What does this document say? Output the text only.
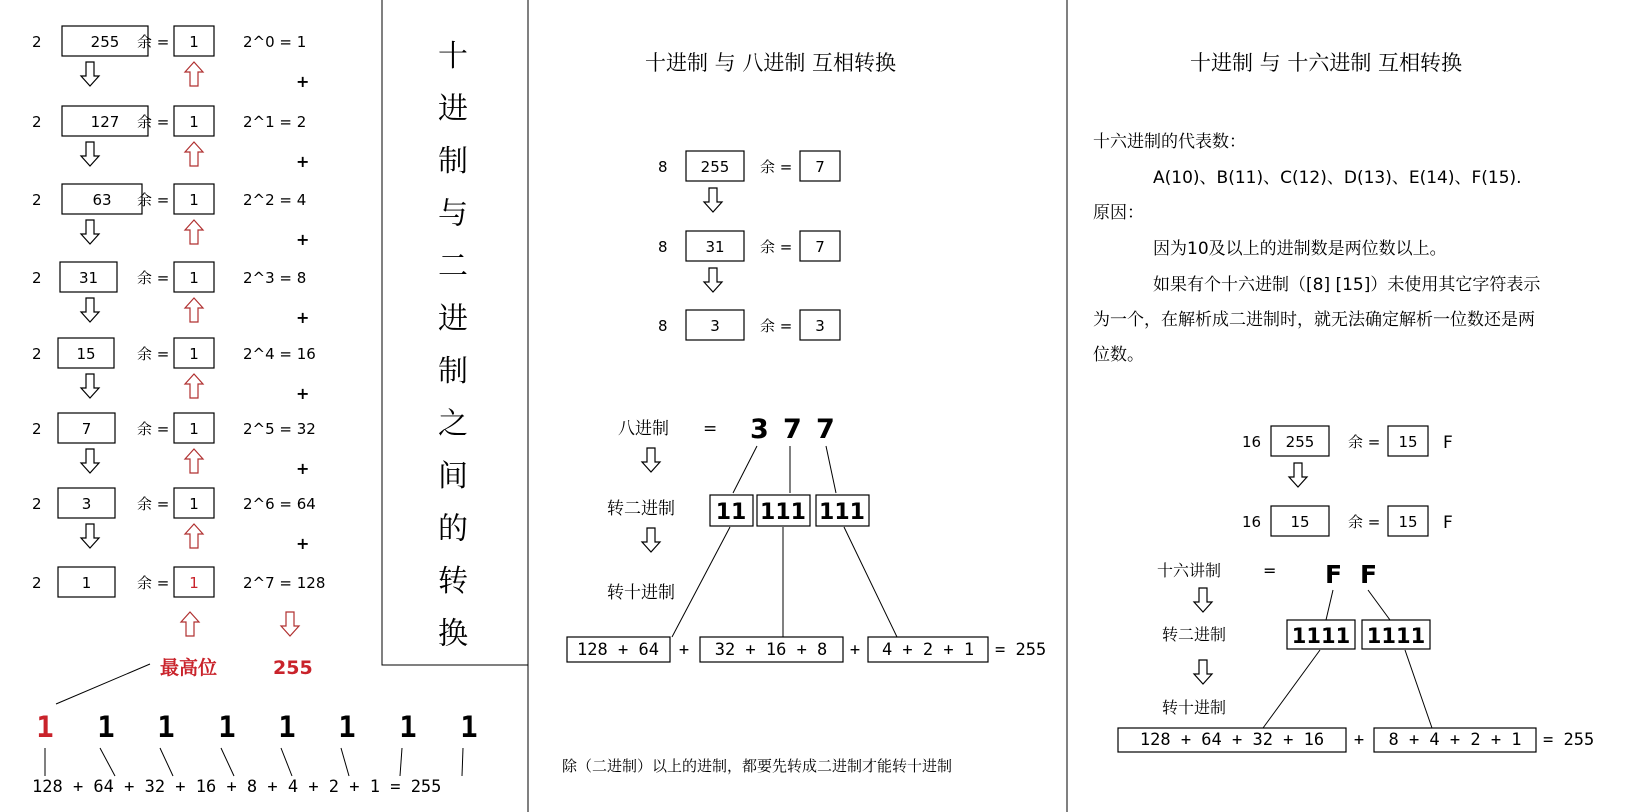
2	255 余 = 1	2^0 = 1
+
2	127 余 = 1	2^1 = 2
+
2	63 余 = 1	2^2 = 4
+
2 31	余 = 1	2^3 = 8
+
2 15	余 = 1	2^4 = 16
+
2	7	余 = 1	2^5 = 32
+
2	3	余 = 1	2^6 = 64
+
2	1	余 = 1	2^7 = 128
最高位	255
1 1 1 1 1 1 1 1
128 + 64 + 32 + 16 + 8 + 4 + 2 + 1 = 255
十
进
制
与
二
进
制
之
间
的
转
换
十进制 与 八进制 互相转换
8 255 余 = 7
8	31 余 = 7
8	3	余 = 3
八进制 = 3 7 7
转二进制
转十进制
11 111 111
128 + 64 + 32 + 16 + 8 + 4 + 2 + 1 = 255
除（二进制）以上的进制，都要先转成二进制才能转十进制
十进制 与 十六进制 互相转换
十六进制的代表数：
A(10)、B(11)、C(12)、D(13)、E(14)、F(15).
原因：
因为10及以上的进制数是两位数以上。
如果有个十六进制（[8] [15]）未使用其它字符表示
为一个，在解析成二进制时，就无法确定解析一位数还是两
位数。
16 255 余 = 15 F
16 15	余 = 15 F
十六讲制	= F F
转二进制
转十进制
1111 1111
128 + 64 + 32 + 16 + 8 + 4 + 2 + 1 = 255
